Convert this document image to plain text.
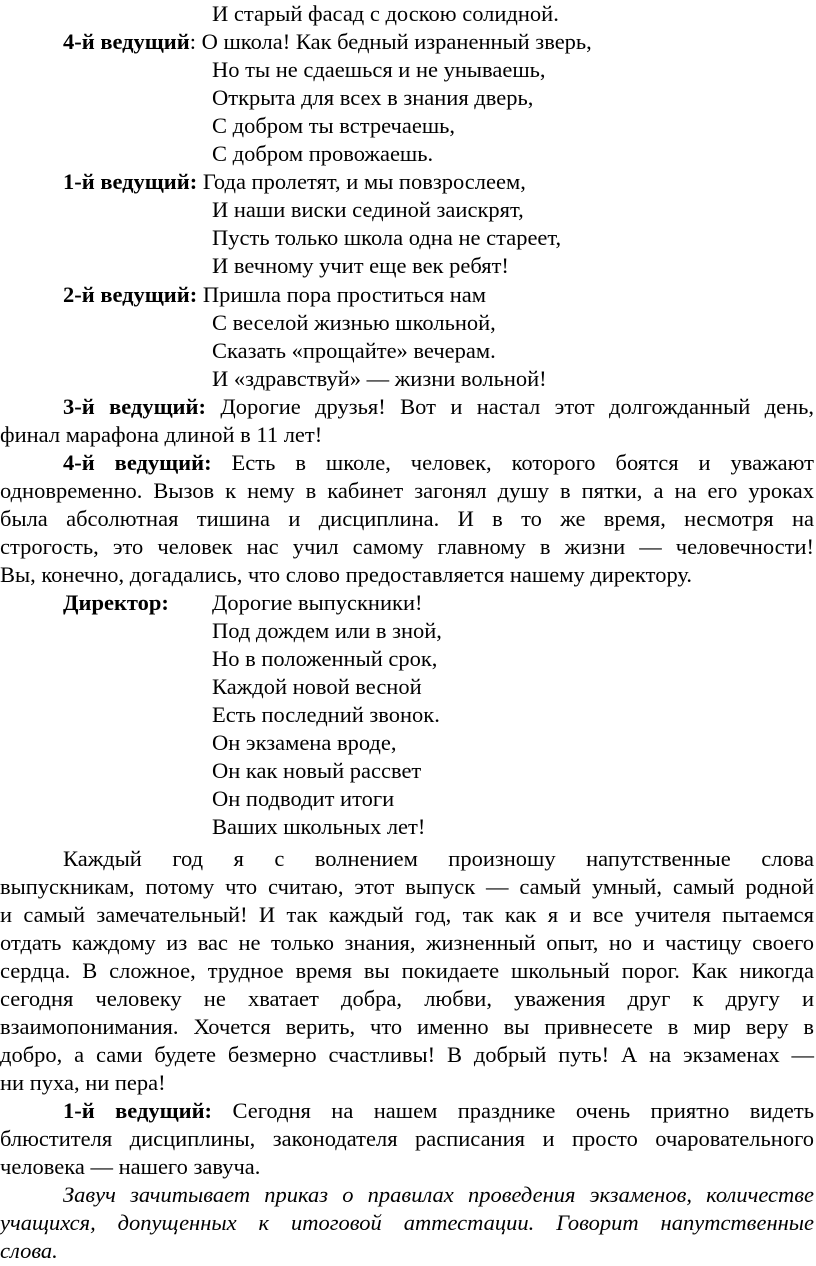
И старый фасад с доскою солидной.
4-й ведущий: О школа! Как бедный израненный зверь,
Но ты не сдаешься и не унываешь,
Открыта для всех в знания дверь,
С добром ты встречаешь,
С добром провожаешь.
1-й ведущий: Года пролетят, и мы повзрослеем,
И наши виски сединой заискрят,
Пусть только школа одна не стареет,
И вечному учит еще век ребят!
2-й ведущий: Пришла пора проститься нам
С веселой жизнью школьной,
Сказать «прощайте» вечерам.
И «здравствуй» — жизни вольной!
3-й ведущий: Дорогие друзья! Вот и настал этот долгожданный день,
финал марафона длиной в 11 лет!
4-й ведущий: Есть в школе, человек, которого боятся и уважают
одновременно. Вызов к нему в кабинет загонял душу в пятки, а на его уроках
была абсолютная тишина и дисциплина. И в то же время, несмотря на
строгость, это человек нас учил самому главному в жизни — человечности!
Вы, конечно, догадались, что слово предоставляется нашему директору.
Директор:	Дорогие выпускники!
Под дождем или в зной,
Но в положенный срок,
Каждой новой весной
Есть последний звонок.
Он экзамена вроде,
Он как новый рассвет
Он подводит итоги
Ваших школьных лет!
Каждый год я с волнением произношу напутственные слова
выпускникам, потому что считаю, этот выпуск — самый умный, самый родной
и самый замечательный! И так каждый год, так как я и все учителя пытаемся
отдать каждому из вас не только знания, жизненный опыт, но и частицу своего
сердца. В сложное, трудное время вы покидаете школьный порог. Как никогда
сегодня человеку не хватает добра, любви, уважения друг к другу и
взаимопонимания. Хочется верить, что именно вы привнесете в мир веру в
добро, а сами будете безмерно счастливы! В добрый путь! А на экзаменах —
ни пуха, ни пера!
1-й ведущий: Сегодня на нашем празднике очень приятно видеть
блюстителя дисциплины, законодателя расписания и просто очаровательного
человека — нашего завуча.
Завуч зачитывает приказ о правилах проведения экзаменов, количестве
учащихся, допущенных к итоговой аттестации. Говорит напутственные
слова.
